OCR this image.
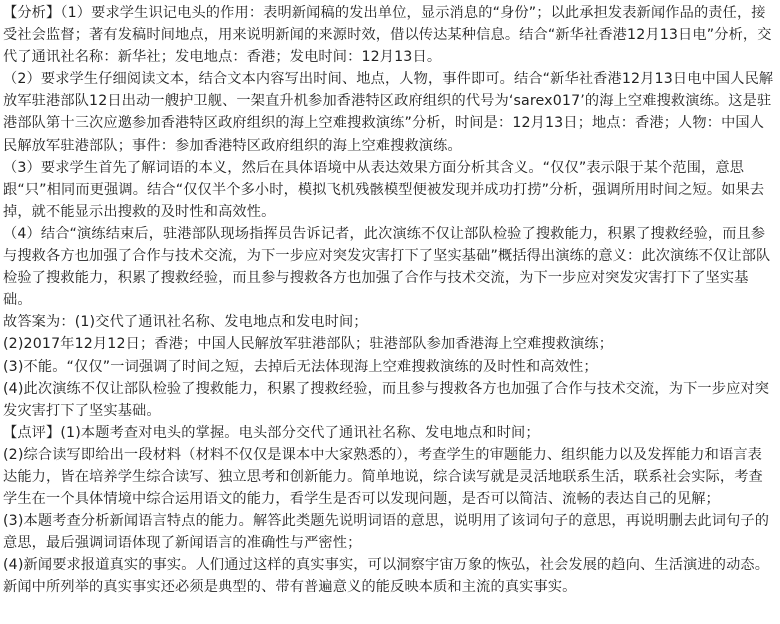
【分析】（1）要求学生识记电头的作用：表明新闻稿的发出单位，显示消息的“身份”；以此承担发表新闻作品的责任，接受社会监督；著有发稿时间地点，用来说明新闻的来源时效，借以传达某种信息。结合“新华社香港12月13日电”分析，交代了通讯社名称：新华社；发电地点：香港；发电时间：12月13日。

（2）要求学生仔细阅读文本，结合文本内容写出时间、地点，人物，事件即可。结合“新华社香港12月13日电中国人民解放军驻港部队12日出动一艘护卫舰、一架直升机参加香港特区政府组织的代号为‘sarex017’的海上空难搜救演练。这是驻港部队第十三次应邀参加香港特区政府组织的海上空难搜救演练”分析，时间是：12月13日；地点：香港；人物：中国人民解放军驻港部队；事件：参加香港特区政府组织的海上空难搜救演练。

（3）要求学生首先了解词语的本义，然后在具体语境中从表达效果方面分析其含义。“仅仅”表示限于某个范围，意思跟“只”相同而更强调。结合“仅仅半个多小时，模拟飞机残骸模型便被发现并成功打捞”分析，强调所用时间之短。如果去掉，就不能显示出搜救的及时性和高效性。

（4）结合“演练结束后，驻港部队现场指挥员告诉记者，此次演练不仅让部队检验了搜救能力，积累了搜救经验，而且参与搜救各方也加强了合作与技术交流，为下一步应对突发灾害打下了坚实基础”概括得出演练的意义：此次演练不仅让部队检验了搜救能力，积累了搜救经验，而且参与搜救各方也加强了合作与技术交流，为下一步应对突发灾害打下了坚实基础。

故答案为：(1)交代了通讯社名称、发电地点和发电时间；

(2)2017年12月12日；香港；中国人民解放军驻港部队；驻港部队参加香港海上空难搜救演练；

(3)不能。“仅仅”一词强调了时间之短，去掉后无法体现海上空难搜救演练的及时性和高效性；

(4)此次演练不仅让部队检验了搜救能力，积累了搜救经验，而且参与搜救各方也加强了合作与技术交流，为下一步应对突发灾害打下了坚实基础。

【点评】(1)本题考查对电头的掌握。电头部分交代了通讯社名称、发电地点和时间；

(2)综合读写即给出一段材料（材料不仅仅是课本中大家熟悉的），考查学生的审题能力、组织能力以及发挥能力和语言表达能力，皆在培养学生综合读写、独立思考和创新能力。简单地说，综合读写就是灵活地联系生活，联系社会实际，考查学生在一个具体情境中综合运用语文的能力，看学生是否可以发现问题，是否可以简洁、流畅的表达自己的见解；

(3)本题考查分析新闻语言特点的能力。解答此类题先说明词语的意思，说明用了该词句子的意思，再说明删去此词句子的意思，最后强调词语体现了新闻语言的准确性与严密性；

(4)新闻要求报道真实的事实。人们通过这样的真实事实，可以洞察宇宙万象的恢弘，社会发展的趋向、生活演进的动态。新闻中所列举的真实事实还必须是典型的、带有普遍意义的能反映本质和主流的真实事实。
